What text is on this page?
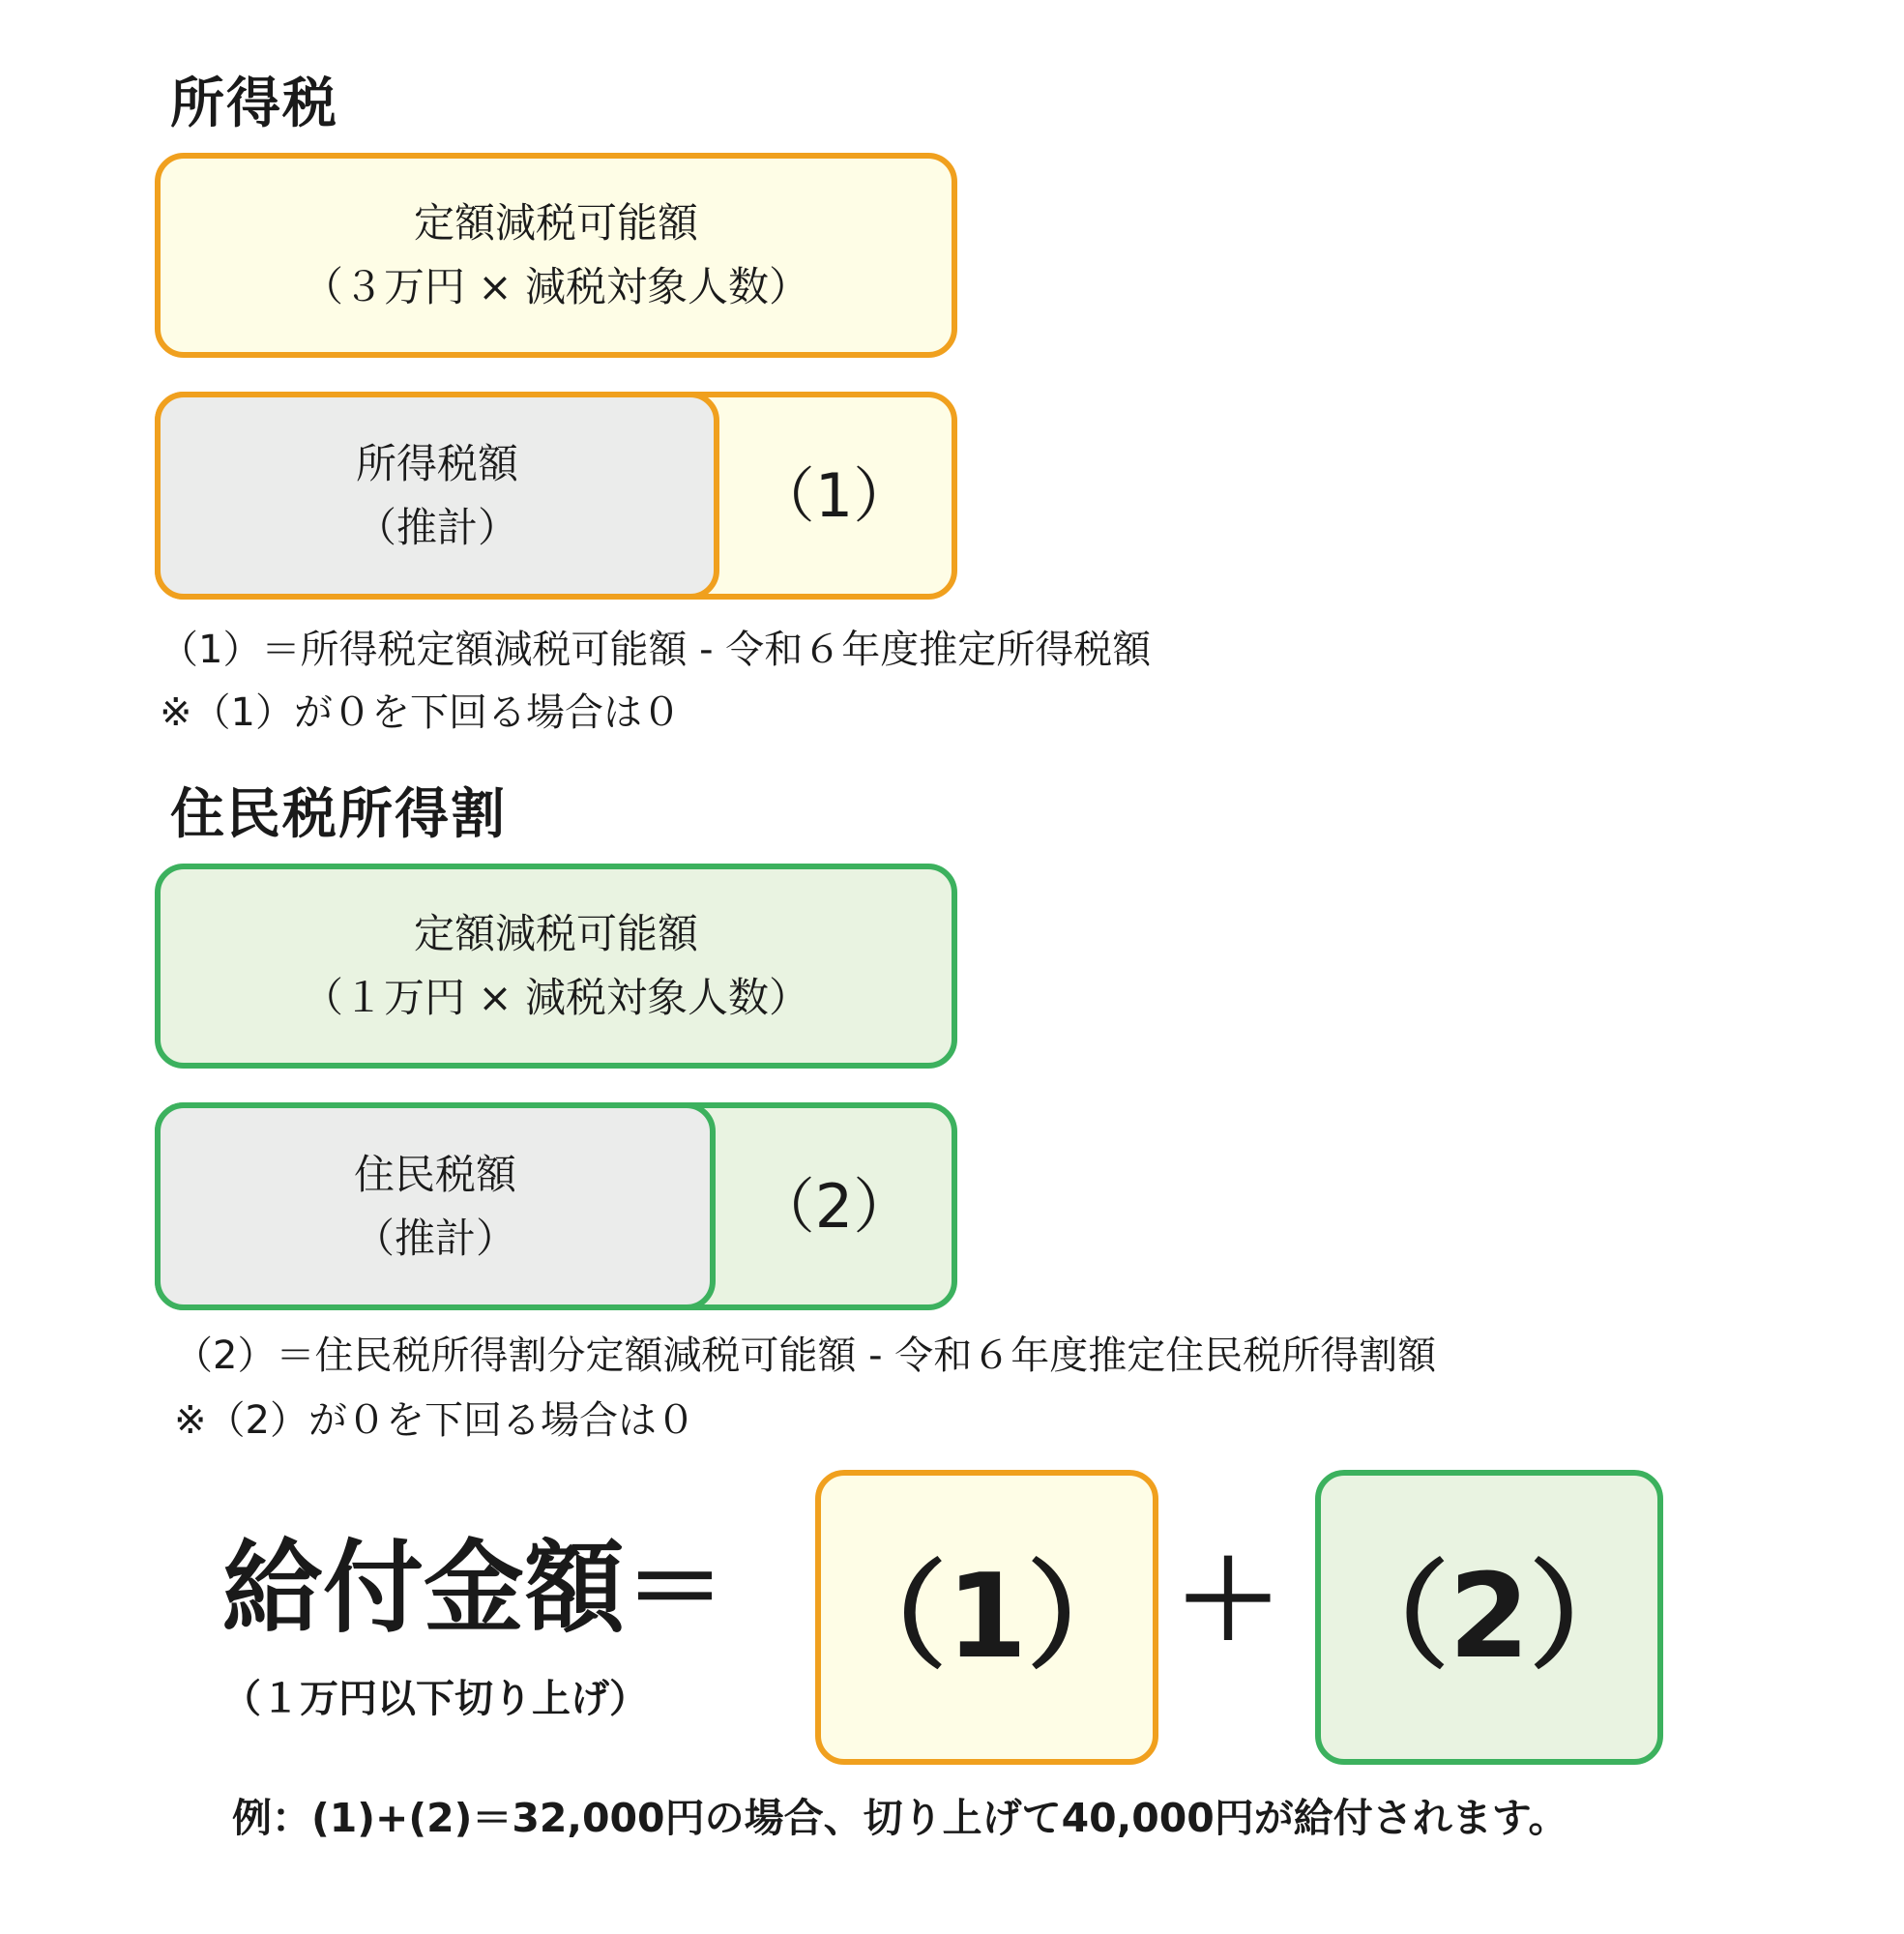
所得税
定額減税可能額
（３万円 × 減税対象人数）
（1）
所得税額
（推計）
（1）＝所得税定額減税可能額 - 令和６年度推定所得税額
※（1）が０を下回る場合は０
住民税所得割
定額減税可能額
（１万円 × 減税対象人数）
（2）
住民税額
（推計）
（2）＝住民税所得割分定額減税可能額 - 令和６年度推定住民税所得割額
※（2）が０を下回る場合は０
給付金額＝
（１万円以下切り上げ）
（1） ＋ （2）
例：(1)+(2)＝32,000円の場合、切り上げて40,000円が給付されます。
